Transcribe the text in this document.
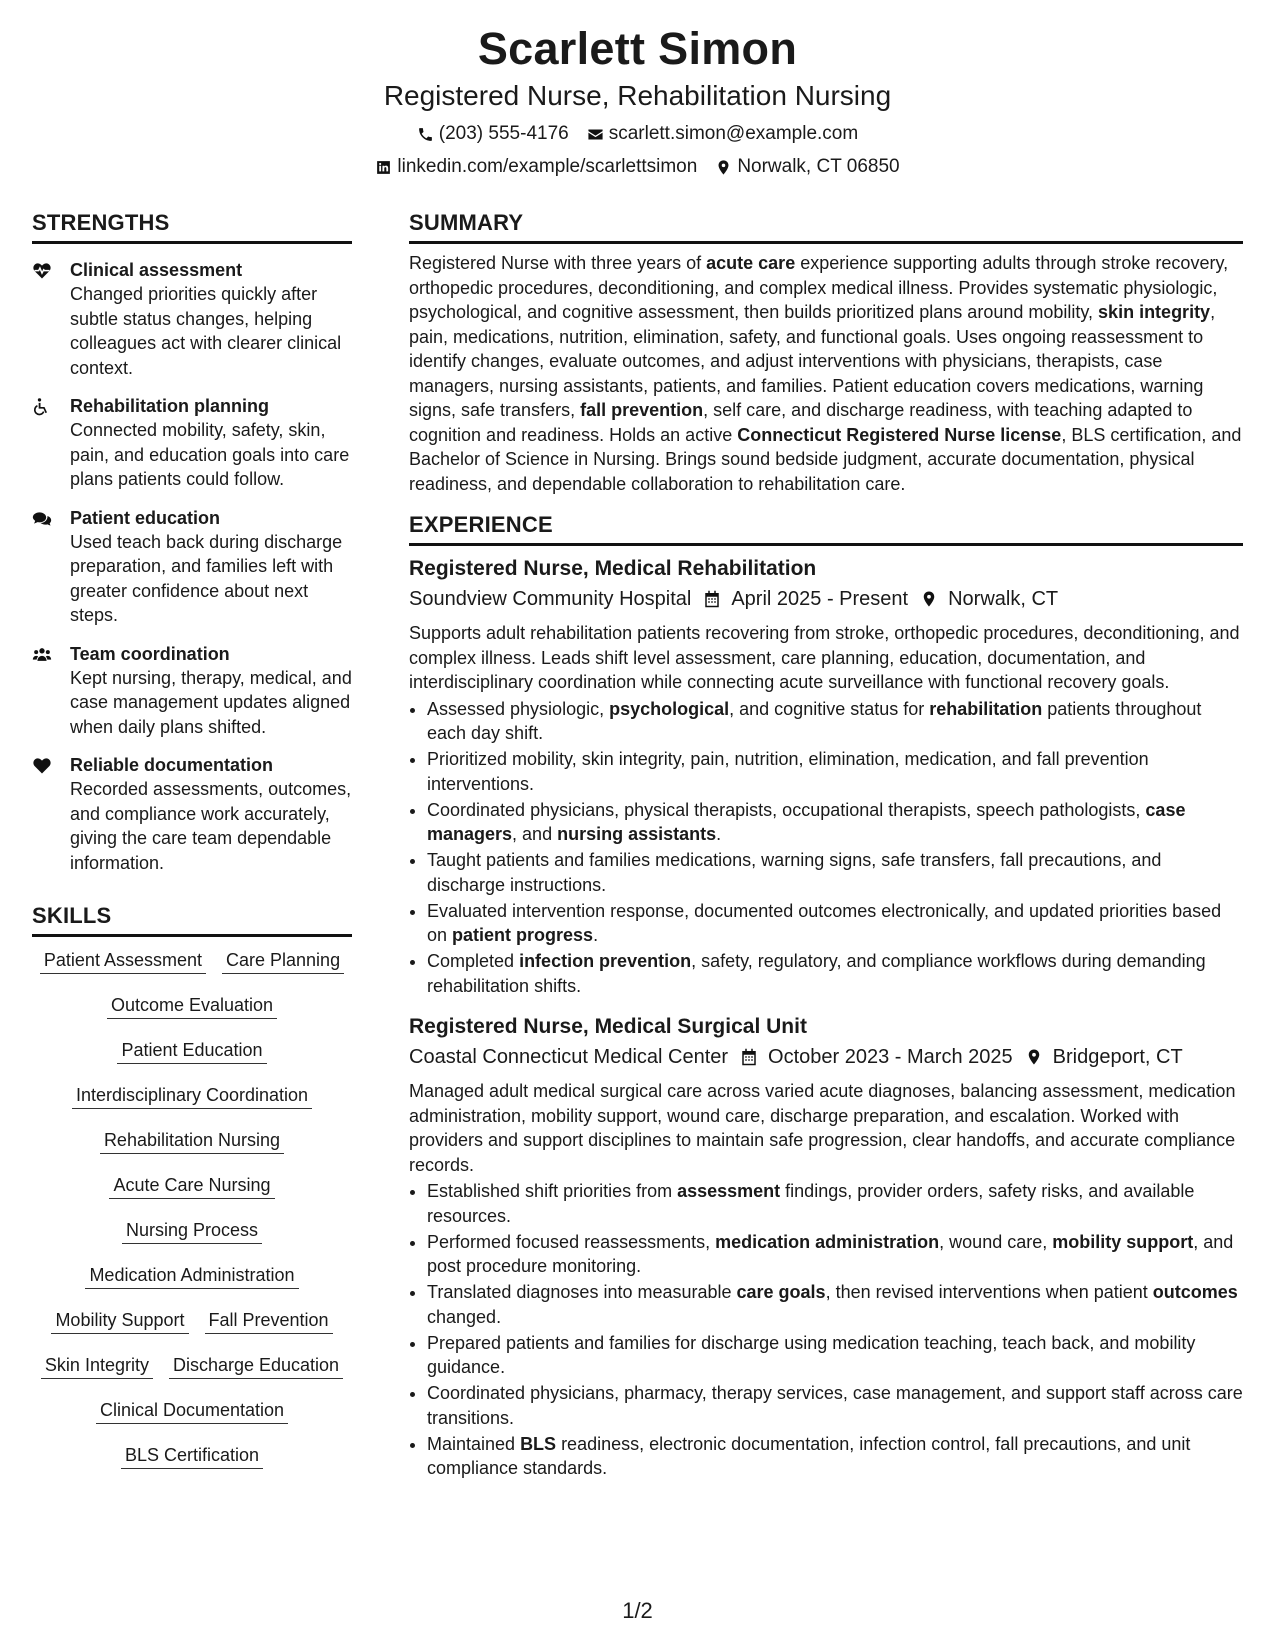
Scarlett Simon
Registered Nurse, Rehabilitation Nursing
(203) 555-4176 scarlett.simon@example.com
linkedin.com/example/scarlettsimon Norwalk, CT 06850
STRENGTHS
Clinical assessment
Changed priorities quickly after subtle status changes, helping colleagues act with clearer clinical context.
Rehabilitation planning
Connected mobility, safety, skin, pain, and education goals into care plans patients could follow.
Patient education
Used teach back during discharge preparation, and families left with greater confidence about next steps.
Team coordination
Kept nursing, therapy, medical, and case management updates aligned when daily plans shifted.
Reliable documentation
Recorded assessments, outcomes, and compliance work accurately, giving the care team dependable information.
SKILLS
Patient Assessment Care Planning
Outcome Evaluation
Patient Education
Interdisciplinary Coordination
Rehabilitation Nursing
Acute Care Nursing
Nursing Process
Medication Administration
Mobility Support Fall Prevention
Skin Integrity Discharge Education
Clinical Documentation
BLS Certification
SUMMARY
Registered Nurse with three years of acute care experience supporting adults through stroke recovery, orthopedic procedures, deconditioning, and complex medical illness. Provides systematic physiologic, psychological, and cognitive assessment, then builds prioritized plans around mobility, skin integrity, pain, medications, nutrition, elimination, safety, and functional goals. Uses ongoing reassessment to identify changes, evaluate outcomes, and adjust interventions with physicians, therapists, case managers, nursing assistants, patients, and families. Patient education covers medications, warning signs, safe transfers, fall prevention, self care, and discharge readiness, with teaching adapted to cognition and readiness. Holds an active Connecticut Registered Nurse license, BLS certification, and Bachelor of Science in Nursing. Brings sound bedside judgment, accurate documentation, physical readiness, and dependable collaboration to rehabilitation care.
EXPERIENCE
Registered Nurse, Medical Rehabilitation
Soundview Community Hospital April 2025 - Present Norwalk, CT
Supports adult rehabilitation patients recovering from stroke, orthopedic procedures, deconditioning, and complex illness. Leads shift level assessment, care planning, education, documentation, and interdisciplinary coordination while connecting acute surveillance with functional recovery goals.
• Assessed physiologic, psychological, and cognitive status for rehabilitation patients throughout each day shift.
• Prioritized mobility, skin integrity, pain, nutrition, elimination, medication, and fall prevention interventions.
• Coordinated physicians, physical therapists, occupational therapists, speech pathologists, case managers, and nursing assistants.
• Taught patients and families medications, warning signs, safe transfers, fall precautions, and discharge instructions.
• Evaluated intervention response, documented outcomes electronically, and updated priorities based on patient progress.
• Completed infection prevention, safety, regulatory, and compliance workflows during demanding rehabilitation shifts.
Registered Nurse, Medical Surgical Unit
Coastal Connecticut Medical Center October 2023 - March 2025 Bridgeport, CT
Managed adult medical surgical care across varied acute diagnoses, balancing assessment, medication administration, mobility support, wound care, discharge preparation, and escalation. Worked with providers and support disciplines to maintain safe progression, clear handoffs, and accurate compliance records.
• Established shift priorities from assessment findings, provider orders, safety risks, and available resources.
• Performed focused reassessments, medication administration, wound care, mobility support, and post procedure monitoring.
• Translated diagnoses into measurable care goals, then revised interventions when patient outcomes changed.
• Prepared patients and families for discharge using medication teaching, teach back, and mobility guidance.
• Coordinated physicians, pharmacy, therapy services, case management, and support staff across care transitions.
• Maintained BLS readiness, electronic documentation, infection control, fall precautions, and unit compliance standards.
1/2
